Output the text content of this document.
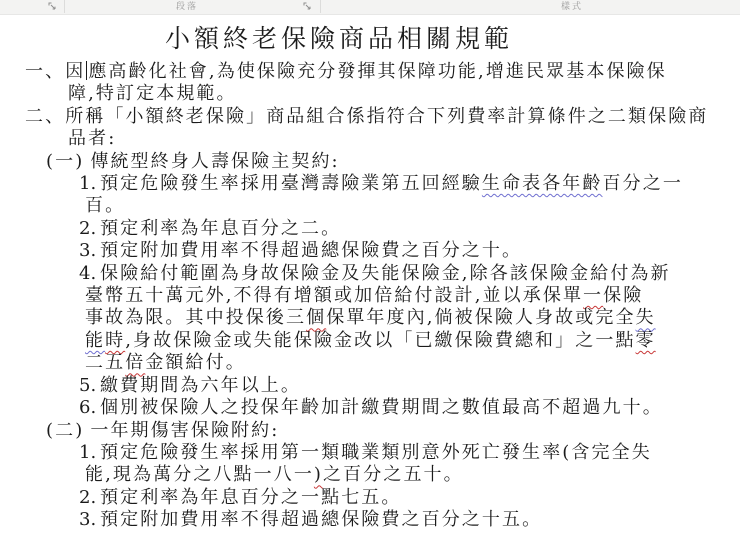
段落	樣式
小額終老保險商品相關規範
一、因 應高齡化社會,為使保險充分發揮其保障功能,增進民眾基本保險保
障,特訂定本規範。
二、所稱「小額終老保險」商品組合係指符合下列費率計算條件之二類保險商
品者:
(一) 傳統型終身人壽保險主契約:
1. 預定危險發生率採用臺灣壽險業第五回經驗生命表各年齡百分之一
百。
2. 預定利率為年息百分之二。
3. 預定附加費用率不得超過總保險費之百分之十。
4. 保險給付範圍為身故保險金及失能保險金,除各該保險金給付為新
臺幣五十萬元外,不得有增額或加倍給付設計,並以承保單一保險
事故為限。其中投保後三個保單年度內,倘被保險人身故或完全失
能時,身故保險金或失能保險金改以「已繳保險費總和」之一點零
二五倍金額給付。
5. 繳費期間為六年以上。
6. 個別被保險人之投保年齡加計繳費期間之數值最高不超過九十。
(二) 一年期傷害保險附約:
1. 預定危險發生率採用第一類職業類別意外死亡發生率(含完全失
能,現為萬分之八點一八一)之百分之五十。
2. 預定利率為年息百分之一點七五。
3. 預定附加費用率不得超過總保險費之百分之十五。
